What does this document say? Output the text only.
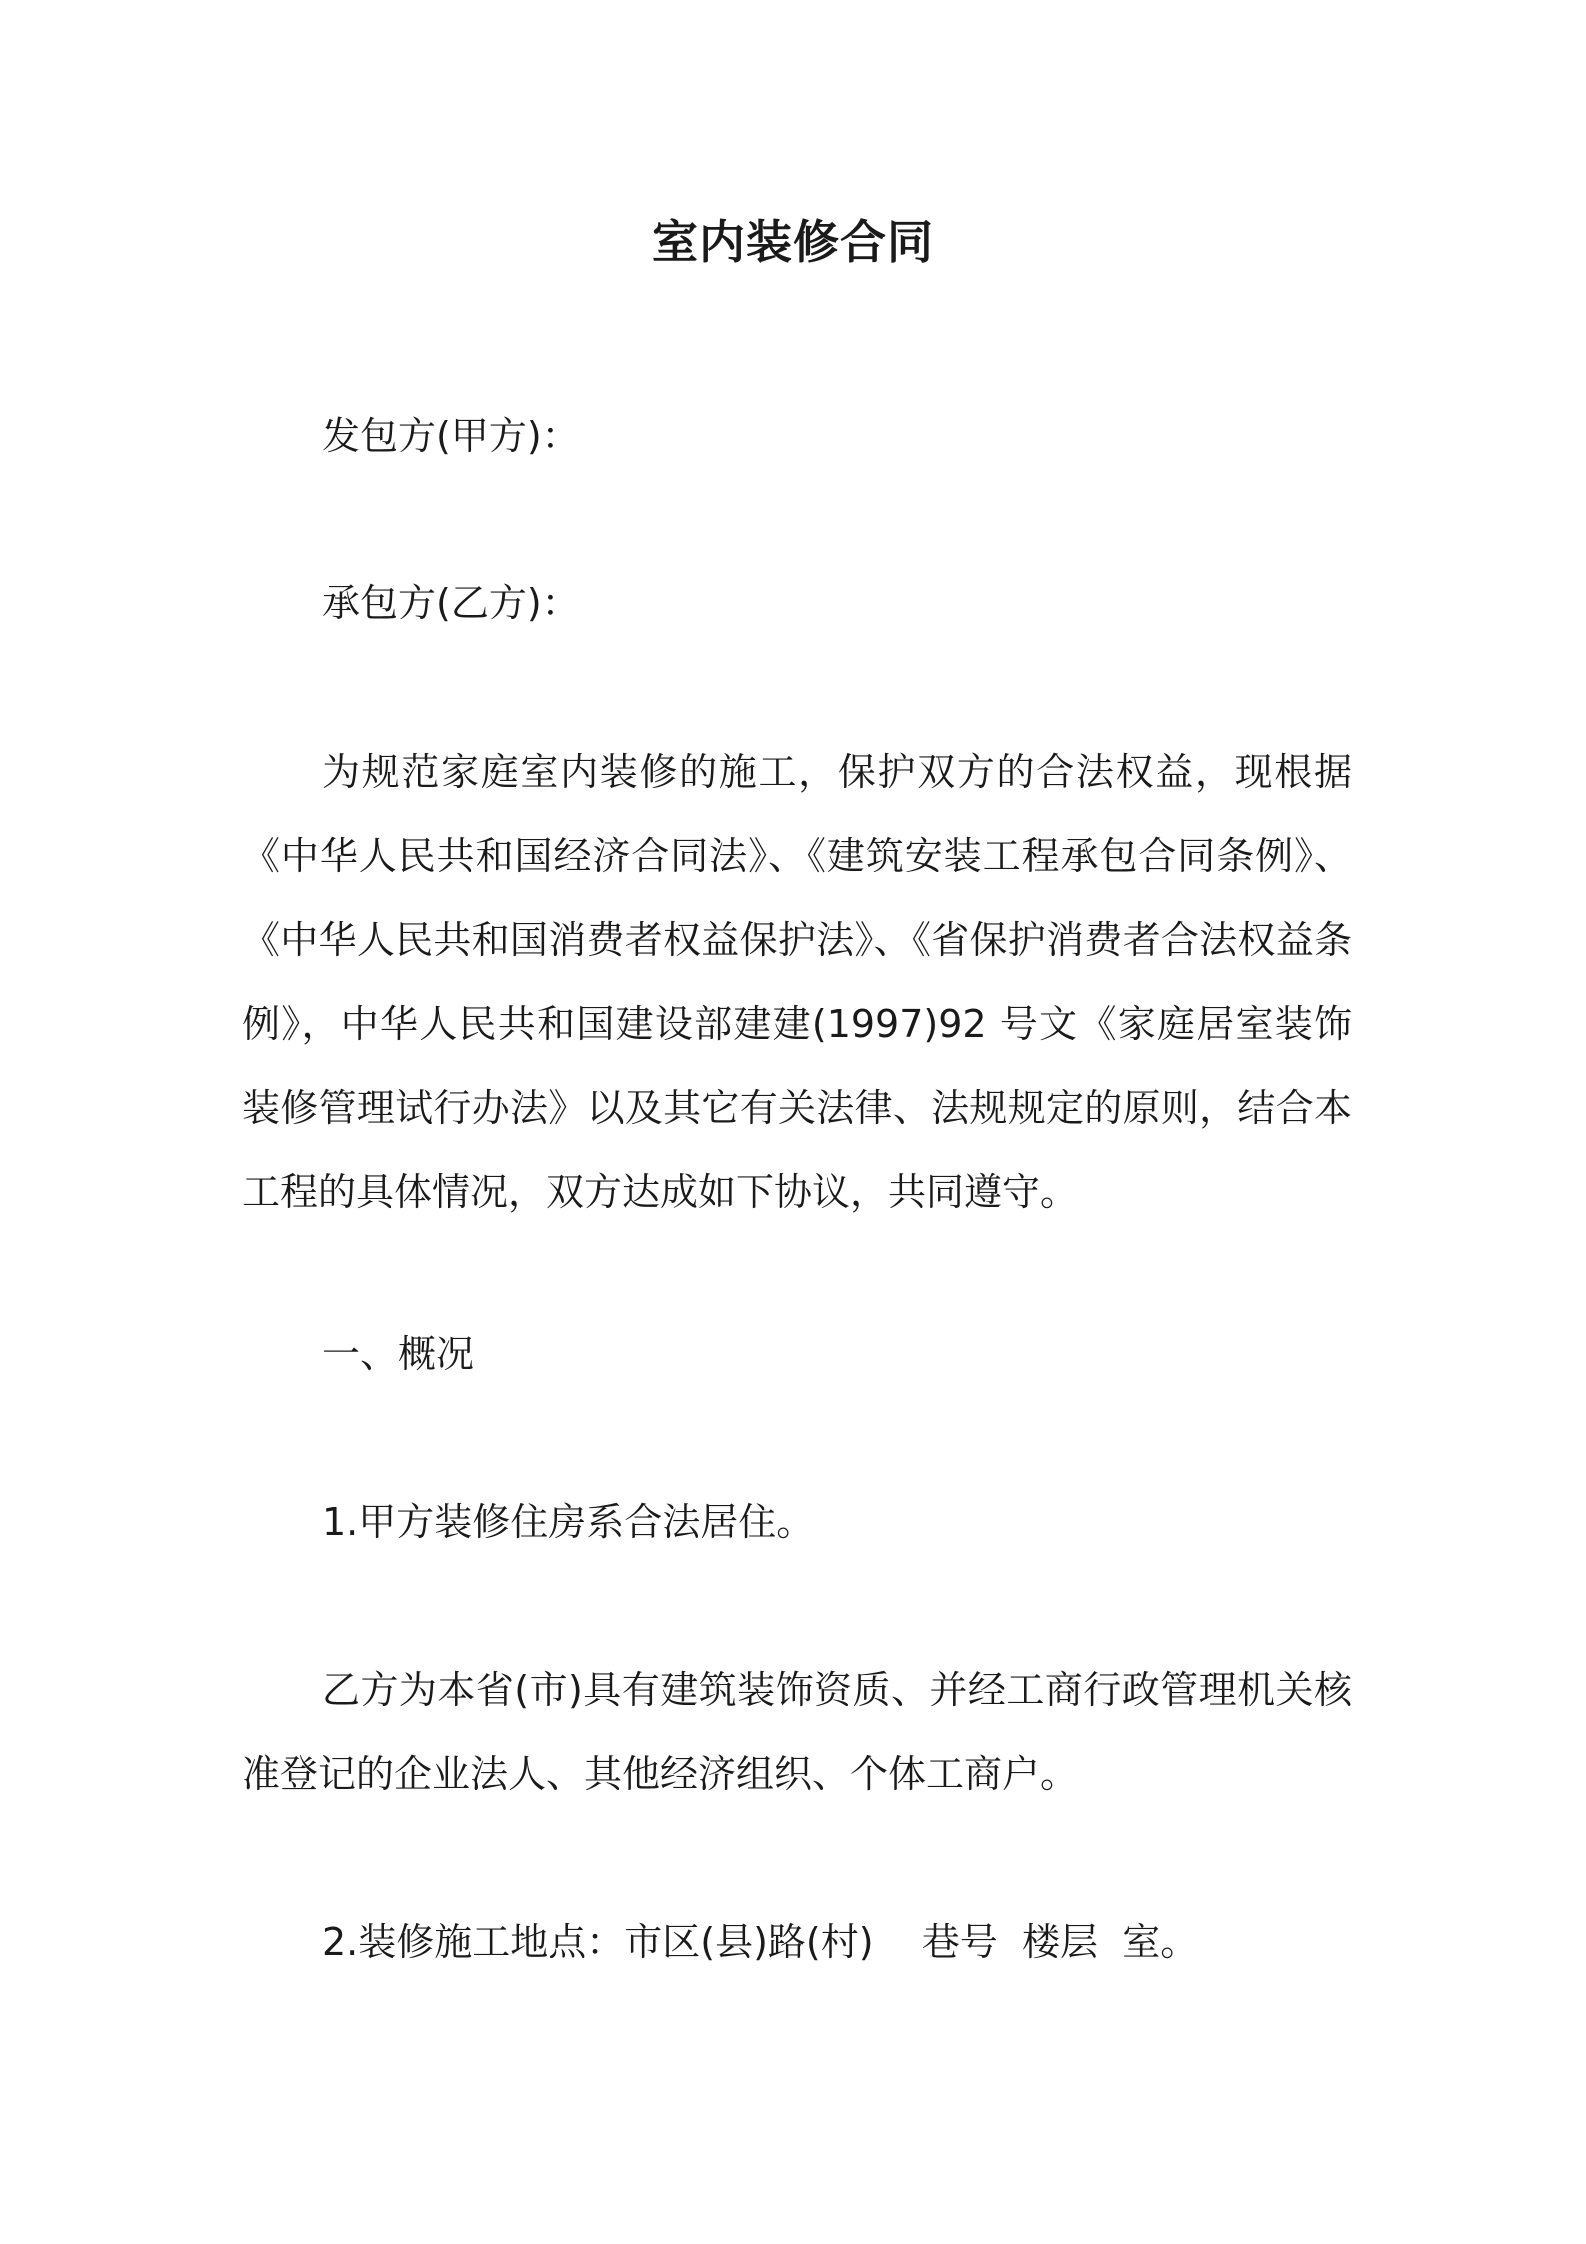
室内装修合同
发包方(甲方)：
承包方(乙方)：
为规范家庭室内装修的施工，保护双方的合法权益，现根据《中华人民共和国经济合同法》、《建筑安装工程承包合同条例》、《中华人民共和国消费者权益保护法》、《省保护消费者合法权益条例》，中华人民共和国建设部建建(1997)92 号文《家庭居室装饰装修管理试行办法》以及其它有关法律、法规规定的原则，结合本工程的具体情况，双方达成如下协议，共同遵守。
一、概况
1.甲方装修住房系合法居住。
乙方为本省(市)具有建筑装饰资质、并经工商行政管理机关核准登记的企业法人、其他经济组织、个体工商户。
2.装修施工地点：市区(县)路(村)    巷号  楼层  室。
